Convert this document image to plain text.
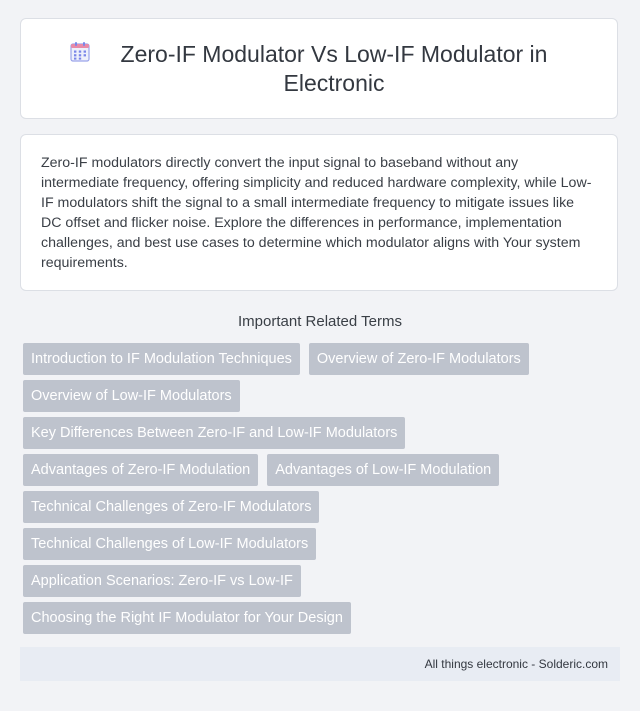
Zero-IF Modulator Vs Low-IF Modulator in Electronic
Zero-IF modulators directly convert the input signal to baseband without any intermediate frequency, offering simplicity and reduced hardware complexity, while Low-IF modulators shift the signal to a small intermediate frequency to mitigate issues like DC offset and flicker noise. Explore the differences in performance, implementation challenges, and best use cases to determine which modulator aligns with Your system requirements.
Important Related Terms
Introduction to IF Modulation Techniques	Overview of Zero-IF Modulators
Overview of Low-IF Modulators
Key Differences Between Zero-IF and Low-IF Modulators
Advantages of Zero-IF Modulation	Advantages of Low-IF Modulation
Technical Challenges of Zero-IF Modulators
Technical Challenges of Low-IF Modulators
Application Scenarios: Zero-IF vs Low-IF
Choosing the Right IF Modulator for Your Design
All things electronic - Solderic.com
